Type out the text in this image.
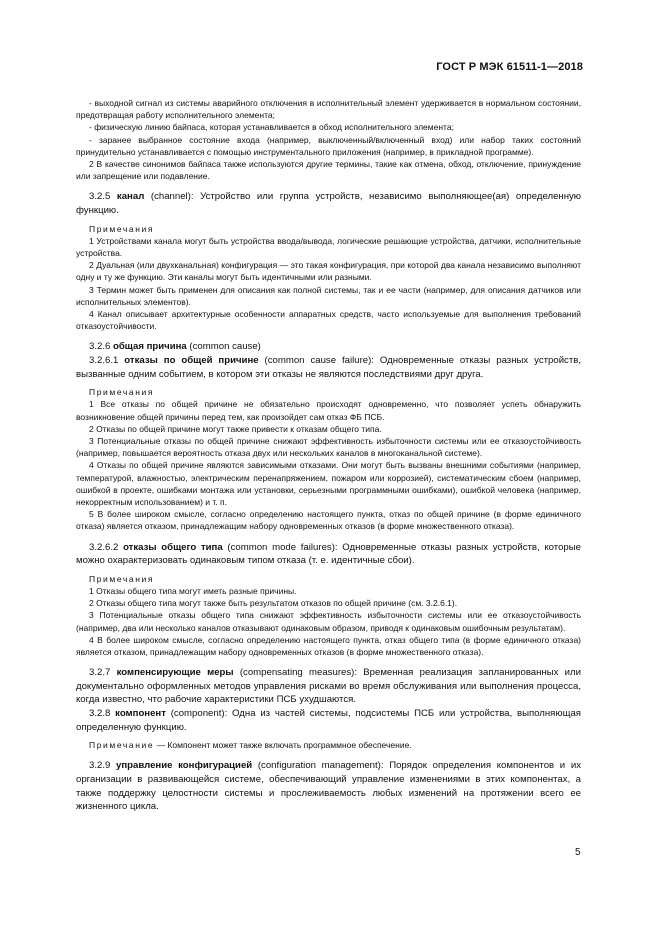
ГОСТ Р МЭК 61511-1—2018

- выходной сигнал из системы аварийного отключения в исполнительный элемент удерживается в нормальном состоянии, предотвращая работу исполнительного элемента;

- физическую линию байпаса, которая устанавливается в обход исполнительного элемента;

- заранее выбранное состояние входа (например, выключенный/включенный вход) или набор таких состояний принудительно устанавливается с помощью инструментального приложения (например, в прикладной программе).

2 В качестве синонимов байпаса также используются другие термины, такие как отмена, обход, отключение, принуждение или запрещение или подавление.

3.2.5 канал (channel): Устройство или группа устройств, независимо выполняющее(ая) определенную функцию.

Примечания

1 Устройствами канала могут быть устройства ввода/вывода, логические решающие устройства, датчики, исполнительные устройства.

2 Дуальная (или двухканальная) конфигурация — это такая конфигурация, при которой два канала независимо выполняют одну и ту же функцию. Эти каналы могут быть идентичными или разными.

3 Термин может быть применен для описания как полной системы, так и ее части (например, для описания датчиков или исполнительных элементов).

4 Канал описывает архитектурные особенности аппаратных средств, часто используемые для выполнения требований отказоустойчивости.

3.2.6 общая причина (common cause)

3.2.6.1 отказы по общей причине (common cause failure): Одновременные отказы разных устройств, вызванные одним событием, в котором эти отказы не являются последствиями друг друга.

Примечания

1 Все отказы по общей причине не обязательно происходят одновременно, что позволяет успеть обнаружить возникновение общей причины перед тем, как произойдет сам отказ ФБ ПСБ.

2 Отказы по общей причине могут также привести к отказам общего типа.

3 Потенциальные отказы по общей причине снижают эффективность избыточности системы или ее отказоустойчивость (например, повышается вероятность отказа двух или нескольких каналов в многоканальной системе).

4 Отказы по общей причине являются зависимыми отказами. Они могут быть вызваны внешними событиями (например, температурой, влажностью, электрическим перенапряжением, пожаром или коррозией), систематическим сбоем (например, ошибкой в проекте, ошибками монтажа или установки, серьезными программными ошибками), ошибкой человека (например, некорректным использованием) и т. п.

5 В более широком смысле, согласно определению настоящего пункта, отказ по общей причине (в форме единичного отказа) является отказом, принадлежащим набору одновременных отказов (в форме множественного отказа).

3.2.6.2 отказы общего типа (common mode failures): Одновременные отказы разных устройств, которые можно охарактеризовать одинаковым типом отказа (т. е. идентичные сбои).

Примечания

1 Отказы общего типа могут иметь разные причины.

2 Отказы общего типа могут также быть результатом отказов по общей причине (см. 3.2.6.1).

3 Потенциальные отказы общего типа снижают эффективность избыточности системы или ее отказоустойчивость (например, два или несколько каналов отказывают одинаковым образом, приводя к одинаковым ошибочным результатам).

4 В более широком смысле, согласно определению настоящего пункта, отказ общего типа (в форме единичного отказа) является отказом, принадлежащим набору одновременных отказов (в форме множественного отказа).

3.2.7 компенсирующие меры (compensating measures): Временная реализация запланированных или документально оформленных методов управления рисками во время обслуживания или выполнения процесса, когда известно, что рабочие характеристики ПСБ ухудшаются.

3.2.8 компонент (component): Одна из частей системы, подсистемы ПСБ или устройства, выполняющая определенную функцию.

Примечание — Компонент может также включать программное обеспечение.

3.2.9 управление конфигурацией (configuration management): Порядок определения компонентов и их организации в развивающейся системе, обеспечивающий управление изменениями в этих компонентах, а также поддержку целостности системы и прослеживаемость любых изменений на протяжении всего ее жизненного цикла.

5
